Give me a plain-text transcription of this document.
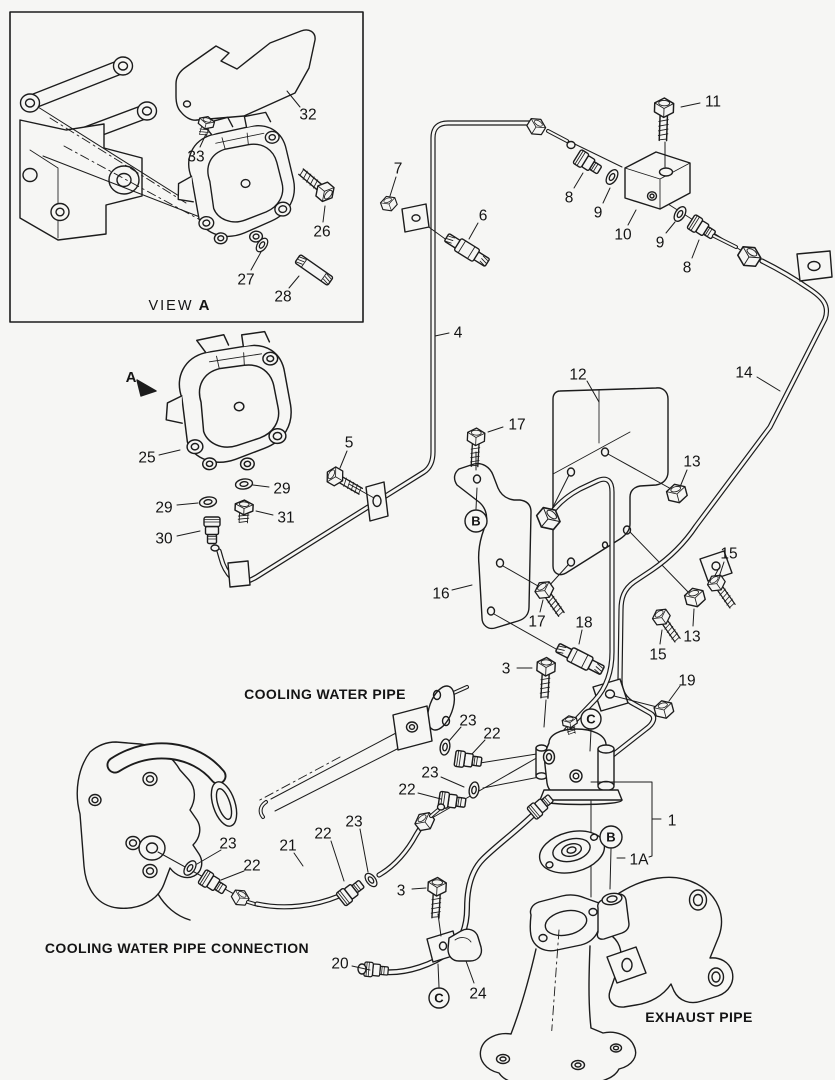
VIEW A
COOLING WATER PIPE
COOLING WATER PIPE CONNECTION
EXHAUST PIPE
32
33
26
27
28
7
6
8
9
10 9
8
11
4
12	14
17
13
25
5
29
31
29
30
16
15
13
15
17 18
3
19
23
22
23
22
23
22
21
22
23
3
20
24
1
1A
B
B
C
C
A
